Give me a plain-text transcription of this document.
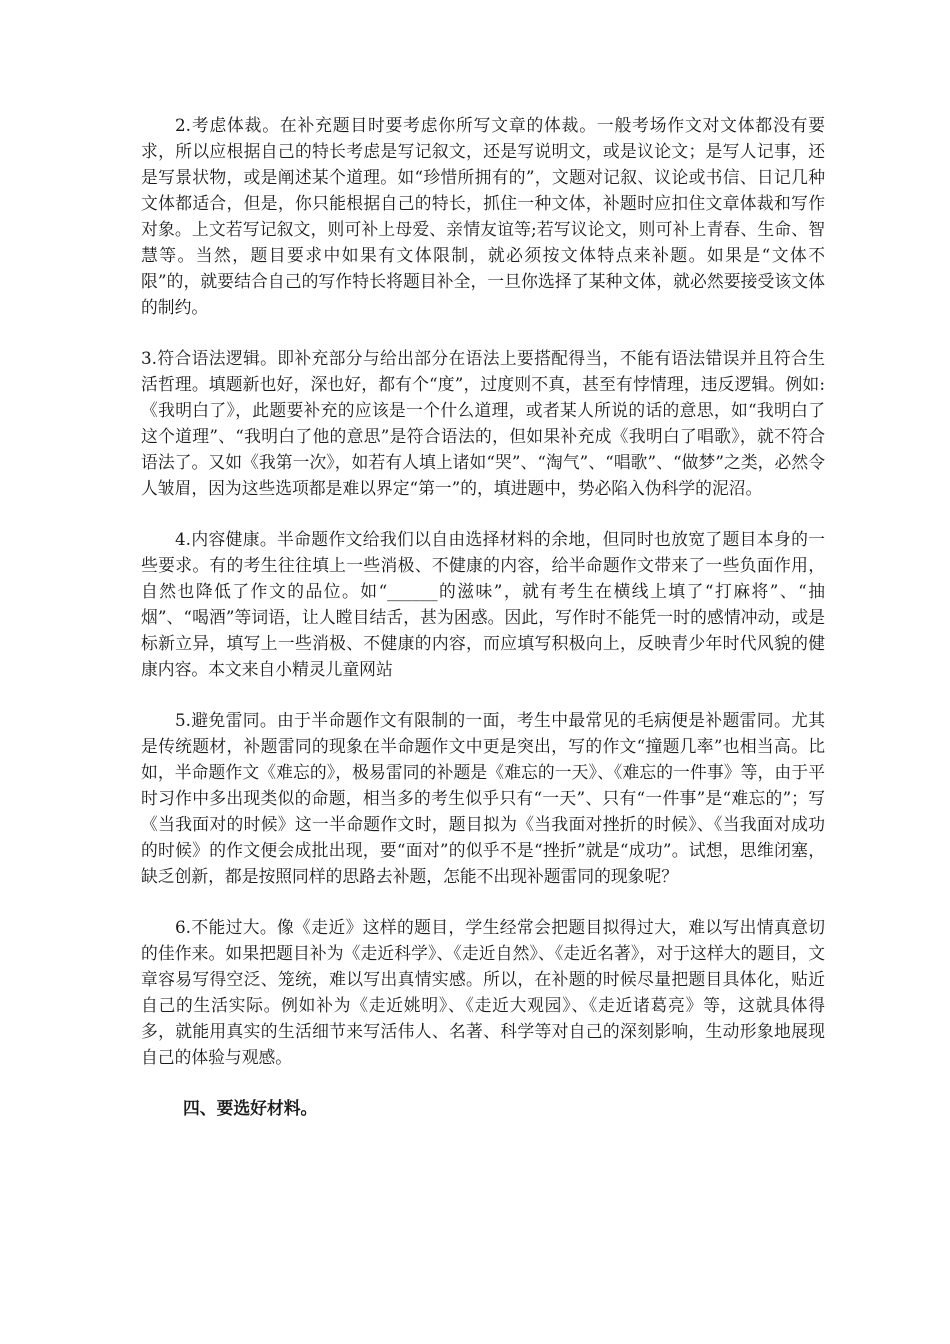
2.考虑体裁。在补充题目时要考虑你所写文章的体裁。一般考场作文对文体都没有要求，所以应根据自己的特长考虑是写记叙文，还是写说明文，或是议论文；是写人记事，还是写景状物，或是阐述某个道理。如“珍惜所拥有的”，文题对记叙、议论或书信、日记几种文体都适合，但是，你只能根据自己的特长，抓住一种文体，补题时应扣住文章体裁和写作对象。上文若写记叙文，则可补上母爱、亲情友谊等;若写议论文，则可补上青春、生命、智慧等。当然，题目要求中如果有文体限制，就必须按文体特点来补题。如果是“文体不限”的，就要结合自己的写作特长将题目补全，一旦你选择了某种文体，就必然要接受该文体的制约。

3.符合语法逻辑。即补充部分与给出部分在语法上要搭配得当，不能有语法错误并且符合生活哲理。填题新也好，深也好，都有个“度”，过度则不真，甚至有悖情理，违反逻辑。例如:《我明白了》，此题要补充的应该是一个什么道理，或者某人所说的话的意思，如“我明白了这个道理”、“我明白了他的意思”是符合语法的，但如果补充成《我明白了唱歌》，就不符合语法了。又如《我第一次》，如若有人填上诸如“哭”、“淘气”、“唱歌”、“做梦”之类，必然令人皱眉，因为这些选项都是难以界定“第一”的，填进题中，势必陷入伪科学的泥沼。

4.内容健康。半命题作文给我们以自由选择材料的余地，但同时也放宽了题目本身的一些要求。有的考生往往填上一些消极、不健康的内容，给半命题作文带来了一些负面作用，自然也降低了作文的品位。如“______的滋味”，就有考生在横线上填了“打麻将”、“抽烟”、“喝酒”等词语，让人瞠目结舌，甚为困惑。因此，写作时不能凭一时的感情冲动，或是标新立异，填写上一些消极、不健康的内容，而应填写积极向上，反映青少年时代风貌的健康内容。本文来自小精灵儿童网站

5.避免雷同。由于半命题作文有限制的一面，考生中最常见的毛病便是补题雷同。尤其是传统题材，补题雷同的现象在半命题作文中更是突出，写的作文“撞题几率”也相当高。比如，半命题作文《难忘的》，极易雷同的补题是《难忘的一天》、《难忘的一件事》等，由于平时习作中多出现类似的命题，相当多的考生似乎只有“一天”、只有“一件事”是“难忘的”；写《当我面对的时候》这一半命题作文时，题目拟为《当我面对挫折的时候》、《当我面对成功的时候》的作文便会成批出现，要“面对”的似乎不是“挫折”就是“成功”。试想，思维闭塞，缺乏创新，都是按照同样的思路去补题，怎能不出现补题雷同的现象呢？

6.不能过大。像《走近》这样的题目，学生经常会把题目拟得过大，难以写出情真意切的佳作来。如果把题目补为《走近科学》、《走近自然》、《走近名著》，对于这样大的题目，文章容易写得空泛、笼统，难以写出真情实感。所以，在补题的时候尽量把题目具体化，贴近自己的生活实际。例如补为《走近姚明》、《走近大观园》、《走近诸葛亮》等，这就具体得多，就能用真实的生活细节来写活伟人、名著、科学等对自己的深刻影响，生动形象地展现自己的体验与观感。

四、要选好材料。
